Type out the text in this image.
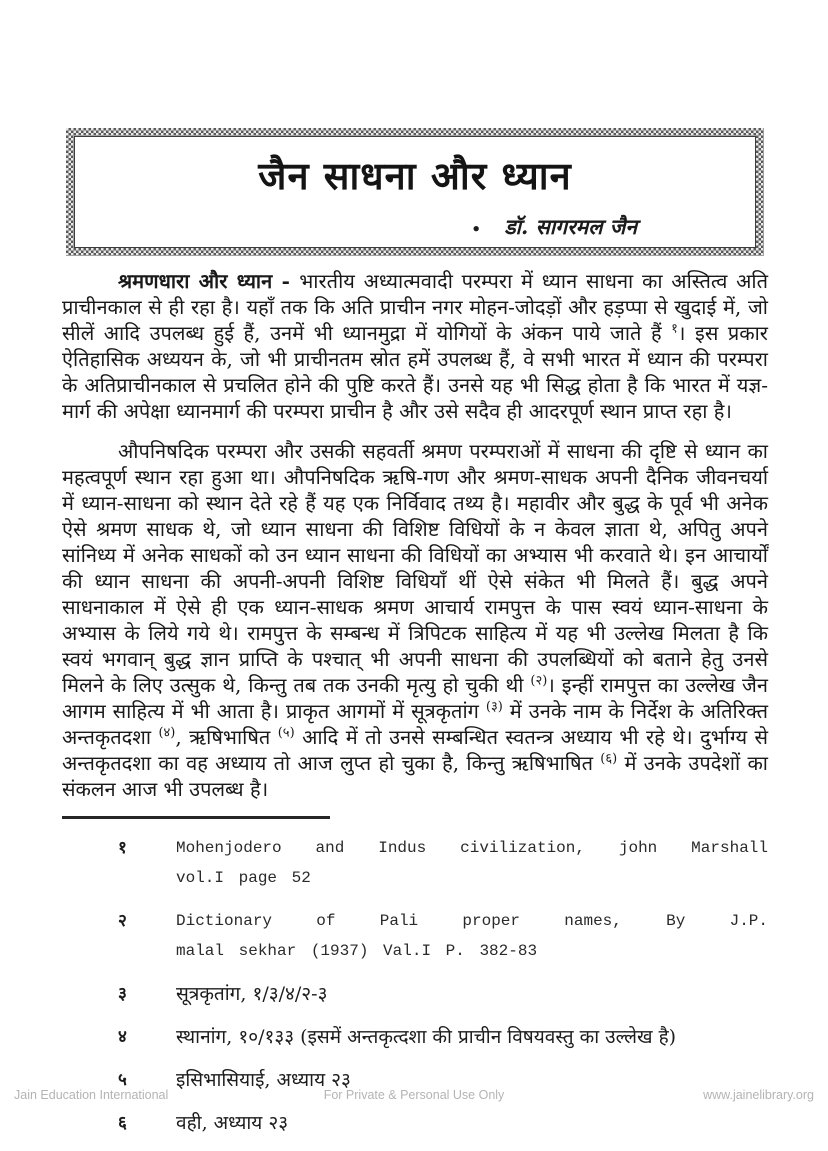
जैन साधना और ध्यान
• डॉ. सागरमल जैन

श्रमणधारा और ध्यान - भारतीय अध्यात्मवादी परम्परा में ध्यान साधना का अस्तित्व अति प्राचीनकाल से ही रहा है। यहाँ तक कि अति प्राचीन नगर मोहन-जोदड़ों और हड़प्पा से खुदाई में, जो सीलें आदि उपलब्ध हुई हैं, उनमें भी ध्यानमुद्रा में योगियों के अंकन पाये जाते हैं $^१$। इस प्रकार ऐतिहासिक अध्ययन के, जो भी प्राचीनतम स्रोत हमें उपलब्ध हैं, वे सभी भारत में ध्यान की परम्परा के अतिप्राचीनकाल से प्रचलित होने की पुष्टि करते हैं। उनसे यह भी सिद्ध होता है कि भारत में यज्ञ-मार्ग की अपेक्षा ध्यानमार्ग की परम्परा प्राचीन है और उसे सदैव ही आदरपूर्ण स्थान प्राप्त रहा है।

औपनिषदिक परम्परा और उसकी सहवर्ती श्रमण परम्पराओं में साधना की दृष्टि से ध्यान का महत्वपूर्ण स्थान रहा हुआ था। औपनिषदिक ऋषि-गण और श्रमण-साधक अपनी दैनिक जीवनचर्या में ध्यान-साधना को स्थान देते रहे हैं यह एक निर्विवाद तथ्य है। महावीर और बुद्ध के पूर्व भी अनेक ऐसे श्रमण साधक थे, जो ध्यान साधना की विशिष्ट विधियों के न केवल ज्ञाता थे, अपितु अपने सांनिध्य में अनेक साधकों को उन ध्यान साधना की विधियों का अभ्यास भी करवाते थे। इन आचार्यों की ध्यान साधना की अपनी-अपनी विशिष्ट विधियाँ थीं ऐसे संकेत भी मिलते हैं। बुद्ध अपने साधनाकाल में ऐसे ही एक ध्यान-साधक श्रमण आचार्य रामपुत्त के पास स्वयं ध्यान-साधना के अभ्यास के लिये गये थे। रामपुत्त के सम्बन्ध में त्रिपिटक साहित्य में यह भी उल्लेख मिलता है कि स्वयं भगवान् बुद्ध ज्ञान प्राप्ति के पश्चात् भी अपनी साधना की उपलब्धियों को बताने हेतु उनसे मिलने के लिए उत्सुक थे, किन्तु तब तक उनकी मृत्यु हो चुकी थी $^{(२)}$। इन्हीं रामपुत्त का उल्लेख जैन आगम साहित्य में भी आता है। प्राकृत आगमों में सूत्रकृतांग $^{(३)}$ में उनके नाम के निर्देश के अतिरिक्त अन्तकृतदशा $^{(४)}$, ऋषिभाषित $^{(५)}$ आदि में तो उनसे सम्बन्धित स्वतन्त्र अध्याय भी रहे थे। दुर्भाग्य से अन्तकृतदशा का वह अध्याय तो आज लुप्त हो चुका है, किन्तु ऋषिभाषित $^{(६)}$ में उनके उपदेशों का संकलन आज भी उपलब्ध है।

१	Mohenjodero and Indus civilization, john Marshall
vol.I page 52
२	Dictionary of Pali proper names, By J.P.
malal sekhar (1937) Val.I P. 382-83
३	सूत्रकृतांग, १/३/४/२-३
४	स्थानांग, १०/१३३ (इसमें अन्तकृत्दशा की प्राचीन विषयवस्तु का उल्लेख है)
५	इसिभासियाई, अध्याय २३
६	वही, अध्याय २३
Jain Education International	For Private & Personal Use Only	www.jainelibrary.org
